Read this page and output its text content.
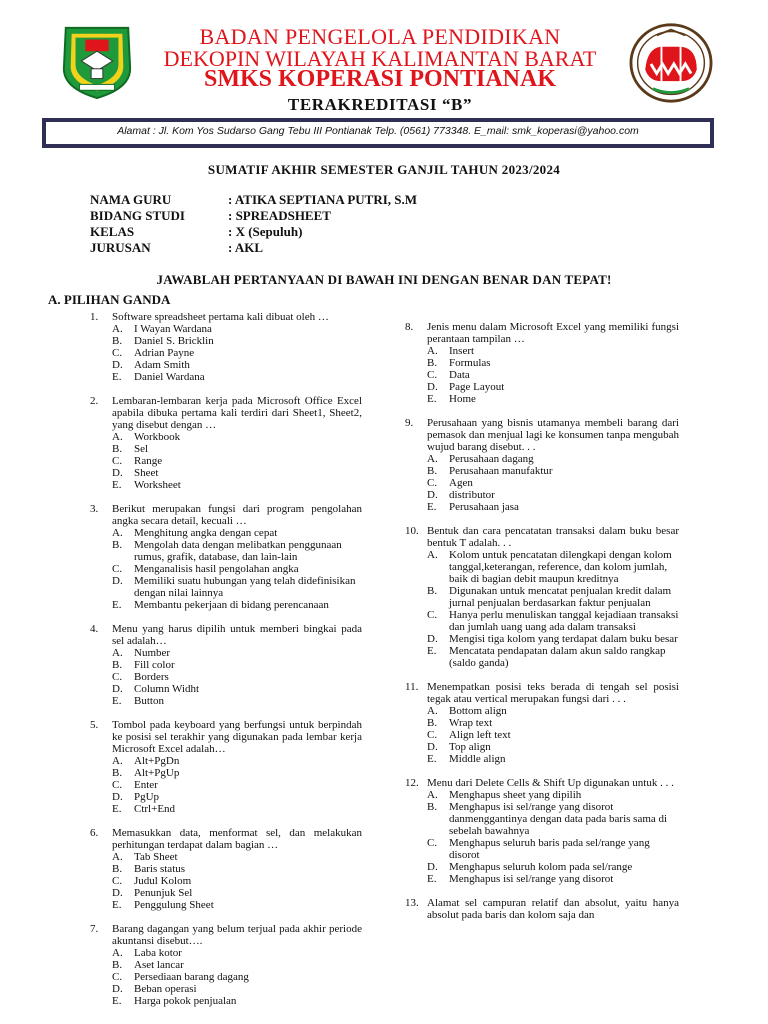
BADAN PENGELOLA PENDIDIKAN
DEKOPIN WILAYAH KALIMANTAN BARAT
SMKS KOPERASI PONTIANAK
TERAKREDITASI “B”
Alamat : Jl. Kom Yos Sudarso Gang Tebu III Pontianak Telp. (0561) 773348. E_mail: smk_koperasi@yahoo.com
SUMATIF AKHIR SEMESTER GANJIL TAHUN 2023/2024
NAMA GURU	: ATIKA SEPTIANA PUTRI, S.M
BIDANG STUDI	: SPREADSHEET
KELAS	: X (Sepuluh)
JURUSAN	: AKL
JAWABLAH PERTANYAAN DI BAWAH INI DENGAN BENAR DAN TEPAT!
A. PILIHAN GANDA
1. Software spreadsheet pertama kali dibuat oleh …
A. I Wayan Wardana
B. Daniel S. Bricklin
C. Adrian Payne
D. Adam Smith
E. Daniel Wardana
2. Lembaran-lembaran kerja pada Microsoft Office Excel apabila dibuka pertama kali terdiri dari Sheet1, Sheet2, yang disebut dengan …
A. Workbook
B. Sel
C. Range
D. Sheet
E. Worksheet
3. Berikut merupakan fungsi dari program pengolahan angka secara detail, kecuali …
A. Menghitung angka dengan cepat
B. Mengolah data dengan melibatkan penggunaan rumus, grafik, database, dan lain-lain
C. Menganalisis hasil pengolahan angka
D. Memiliki suatu hubungan yang telah didefinisikan dengan nilai lainnya
E. Membantu pekerjaan di bidang perencanaan
4. Menu yang harus dipilih untuk memberi bingkai pada sel adalah…
A. Number
B. Fill color
C. Borders
D. Column Widht
E. Button
5. Tombol pada keyboard yang berfungsi untuk berpindah ke posisi sel terakhir yang digunakan pada lembar kerja Microsoft Excel adalah…
A. Alt+PgDn
B. Alt+PgUp
C. Enter
D. PgUp
E. Ctrl+End
6. Memasukkan data, menformat sel, dan melakukan perhitungan terdapat dalam bagian …
A. Tab Sheet
B. Baris status
C. Judul Kolom
D. Penunjuk Sel
E. Penggulung Sheet
7. Barang dagangan yang belum terjual pada akhir periode akuntansi disebut….
A. Laba kotor
B. Aset lancar
C. Persediaan barang dagang
D. Beban operasi
E. Harga pokok penjualan
8. Jenis menu dalam Microsoft Excel yang memiliki fungsi perantaan tampilan …
A. Insert
B. Formulas
C. Data
D. Page Layout
E. Home
9. Perusahaan yang bisnis utamanya membeli barang dari pemasok dan menjual lagi ke konsumen tanpa mengubah wujud barang disebut. . .
A. Perusahaan dagang
B. Perusahaan manufaktur
C. Agen
D. distributor
E. Perusahaan jasa
10. Bentuk dan cara pencatatan transaksi dalam buku besar bentuk T adalah. . .
A. Kolom untuk pencatatan dilengkapi dengan kolom tanggal,keterangan, reference, dan kolom jumlah, baik di bagian debit maupun kreditnya
B. Digunakan untuk mencatat penjualan kredit dalam jurnal penjualan berdasarkan faktur penjualan
C. Hanya perlu menuliskan tanggal kejadiaan transaksi dan jumlah uang uang ada dalam transaksi
D. Mengisi tiga kolom yang terdapat dalam buku besar
E. Mencatata pendapatan dalam akun saldo rangkap (saldo ganda)
11. Menempatkan posisi teks berada di tengah sel posisi tegak atau vertical merupakan fungsi dari . . .
A. Bottom align
B. Wrap text
C. Align left text
D. Top align
E. Middle align
12. Menu dari Delete Cells & Shift Up digunakan untuk . . .
A. Menghapus sheet yang dipilih
B. Menghapus isi sel/range yang disorot danmenggantinya dengan data pada baris sama di sebelah bawahnya
C. Menghapus seluruh baris pada sel/range yang disorot
D. Menghapus seluruh kolom pada sel/range
E. Menghapus isi sel/range yang disorot
13. Alamat sel campuran relatif dan absolut, yaitu hanya absolut pada baris dan kolom saja dan
